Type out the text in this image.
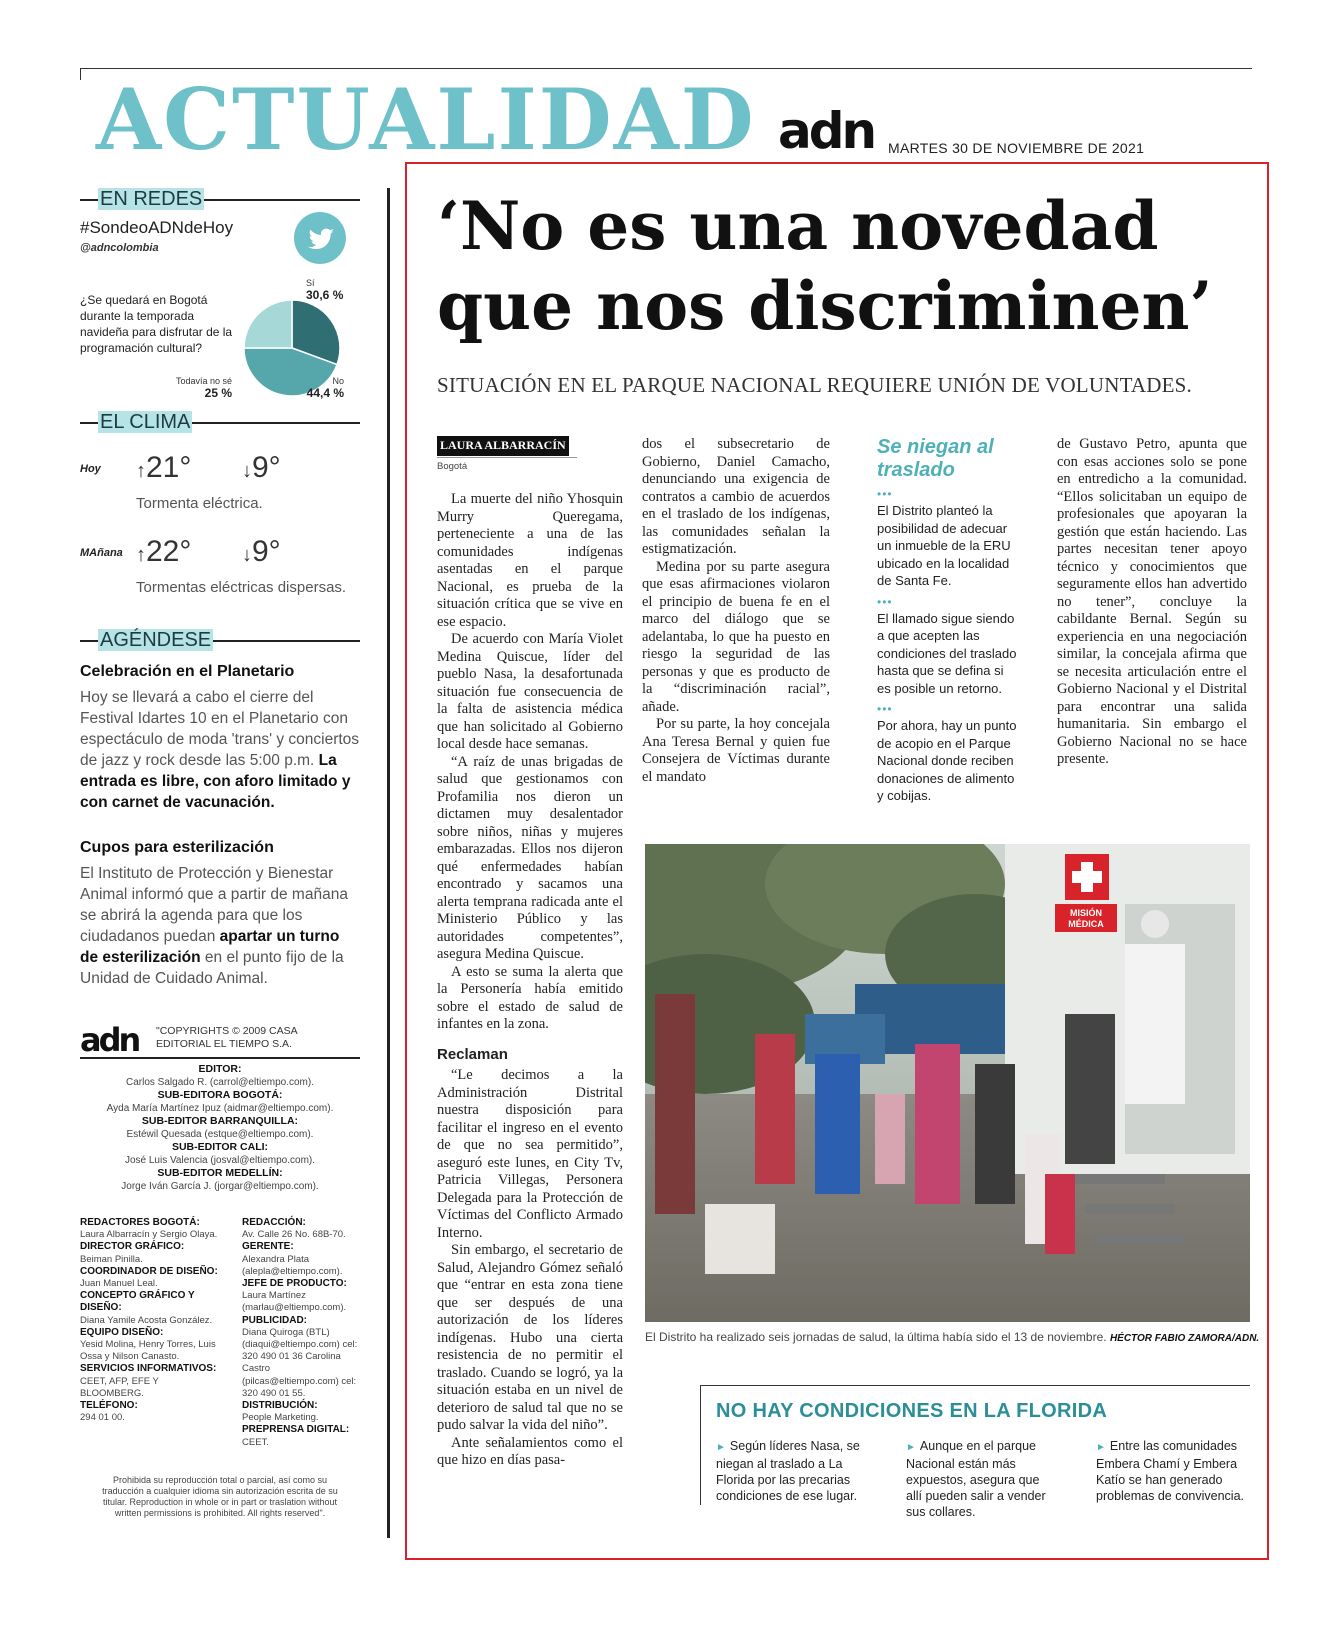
ACTUALIDAD adn MARTES 30 DE NOVIEMBRE DE 2021
EN REDES
#SondeoADNdeHoy
@adncolombia
¿Se quedará en Bogotá durante la temporada navideña para disfrutar de la programación cultural?
Sí
30,6 %
No
44,4 %
Todavía no sé
25 %
EL CLIMA
Hoy ↑21°	↓9°
Tormenta eléctrica.
MAñana ↑22°	↓9°
Tormentas eléctricas dispersas.
AGÉNDESE
Celebración en el Planetario
Hoy se llevará a cabo el cierre del Festival Idartes 10 en el Planetario con espectáculo de moda 'trans' y conciertos de jazz y rock desde las 5:00 p.m. La entrada es libre, con aforo limitado y con carnet de vacunación.
Cupos para esterilización
El Instituto de Protección y Bienestar Animal informó que a partir de mañana se abrirá la agenda para que los ciudadanos puedan apartar un turno de esterilización en el punto fijo de la Unidad de Cuidado Animal.
adn "COPYRIGHTS © 2009 CASA EDITORIAL EL TIEMPO S.A.
EDITOR:
Carlos Salgado R. (carrol@eltiempo.com).
SUB-EDITORA BOGOTÁ:
Ayda María Martínez Ipuz (aidmar@eltiempo.com).
SUB-EDITOR BARRANQUILLA:
Estéwil Quesada (estque@eltiempo.com).
SUB-EDITOR CALI:
José Luis Valencia (josval@eltiempo.com).
SUB-EDITOR MEDELLÍN:
Jorge Iván García J. (jorgar@eltiempo.com).
REDACTORES BOGOTÁ:
Laura Albarracín y Sergio Olaya.
DIRECTOR GRÁFICO:
Beiman Pinilla.
COORDINADOR DE DISEÑO:
Juan Manuel Leal.
CONCEPTO GRÁFICO Y DISEÑO:
Diana Yamile Acosta González.
EQUIPO DISEÑO:
Yesid Molina, Henry Torres, Luis Ossa y Nilson Canasto.
SERVICIOS INFORMATIVOS:
CEET, AFP, EFE Y BLOOMBERG.
TELÉFONO:
294 01 00.
REDACCIÓN:
Av. Calle 26 No. 68B-70.
GERENTE:
Alexandra Plata (alepla@eltiempo.com).
JEFE DE PRODUCTO:
Laura Martínez (marlau@eltiempo.com).
PUBLICIDAD:
Diana Quiroga (BTL) (diaqui@eltiempo.com) cel: 320 490 01 36 Carolina Castro (pilcas@eltiempo.com) cel: 320 490 01 55.
DISTRIBUCIÓN:
People Marketing.
PREPRENSA DIGITAL:
CEET.
Prohibida su reproducción total o parcial, así como su traducción a cualquier idioma sin autorización escrita de su titular. Reproduction in whole or in part or traslation without written permissions is prohibited. All rights reserved".
‘No es una novedad que nos discriminen’
SITUACIÓN EN EL PARQUE NACIONAL REQUIERE UNIÓN DE VOLUNTADES.
LAURA ALBARRACÍN
Bogotá

La muerte del niño Yhosquin Murry Queregama, perteneciente a una de las comunidades indígenas asentadas en el parque Nacional, es prueba de la situación crítica que se vive en ese espacio.

De acuerdo con María Violet Medina Quiscue, líder del pueblo Nasa, la desafortunada situación fue consecuencia de la falta de asistencia médica que han solicitado al Gobierno local desde hace semanas.

“A raíz de unas brigadas de salud que gestionamos con Profamilia nos dieron un dictamen muy desalentador sobre niños, niñas y mujeres embarazadas. Ellos nos dijeron qué enfermedades habían encontrado y sacamos una alerta temprana radicada ante el Ministerio Público y las autoridades competentes”, asegura Medina Quiscue.

A esto se suma la alerta que la Personería había emitido sobre el estado de salud de infantes en la zona.

Reclaman

“Le decimos a la Administración Distrital nuestra disposición para facilitar el ingreso en el evento de que no sea permitido”, aseguró este lunes, en City Tv, Patricia Villegas, Personera Delegada para la Protección de Víctimas del Conflicto Armado Interno.

Sin embargo, el secretario de Salud, Alejandro Gómez señaló que “entrar en esta zona tiene que ser después de una autorización de los líderes indígenas. Hubo una cierta resistencia de no permitir el traslado. Cuando se logró, ya la situación estaba en un nivel de deterioro de salud tal que no se pudo salvar la vida del niño”.

Ante señalamientos como el que hizo en días pasa-

dos el subsecretario de Gobierno, Daniel Camacho, denunciando una exigencia de contratos a cambio de acuerdos en el traslado de los indígenas, las comunidades señalan la estigmatización.

Medina por su parte asegura que esas afirmaciones violaron el principio de buena fe en el marco del diálogo que se adelantaba, lo que ha puesto en riesgo la seguridad de las personas y que es producto de la “discriminación racial”, añade.

Por su parte, la hoy concejala Ana Teresa Bernal y quien fue Consejera de Víctimas durante el mandato

Se niegan al traslado
•••
El Distrito planteó la posibilidad de adecuar un inmueble de la ERU ubicado en la localidad de Santa Fe.
•••
El llamado sigue siendo a que acepten las condiciones del traslado hasta que se defina si es posible un retorno.
•••
Por ahora, hay un punto de acopio en el Parque Nacional donde reciben donaciones de alimento y cobijas.

de Gustavo Petro, apunta que con esas acciones solo se pone en entredicho a la comunidad. “Ellos solicitaban un equipo de profesionales que apoyaran la gestión que están haciendo. Las partes necesitan tener apoyo técnico y conocimientos que seguramente ellos han advertido no tener”, concluye la cabildante Bernal. Según su experiencia en una negociación similar, la concejala afirma que se necesita articulación entre el Gobierno Nacional y el Distrital para encontrar una salida humanitaria. Sin embargo el Gobierno Nacional no se hace presente.

MISIÓN
MÉDICA
El Distrito ha realizado seis jornadas de salud, la última había sido el 13 de noviembre. HÉCTOR FABIO ZAMORA/ADN.
NO HAY CONDICIONES EN LA FLORIDA
► Según líderes Nasa, se niegan al traslado a La Florida por las precarias condiciones de ese lugar.
► Aunque en el parque Nacional están más expuestos, asegura que allí pueden salir a vender sus collares.
► Entre las comunidades Embera Chamí y Embera Katío se han generado problemas de convivencia.
